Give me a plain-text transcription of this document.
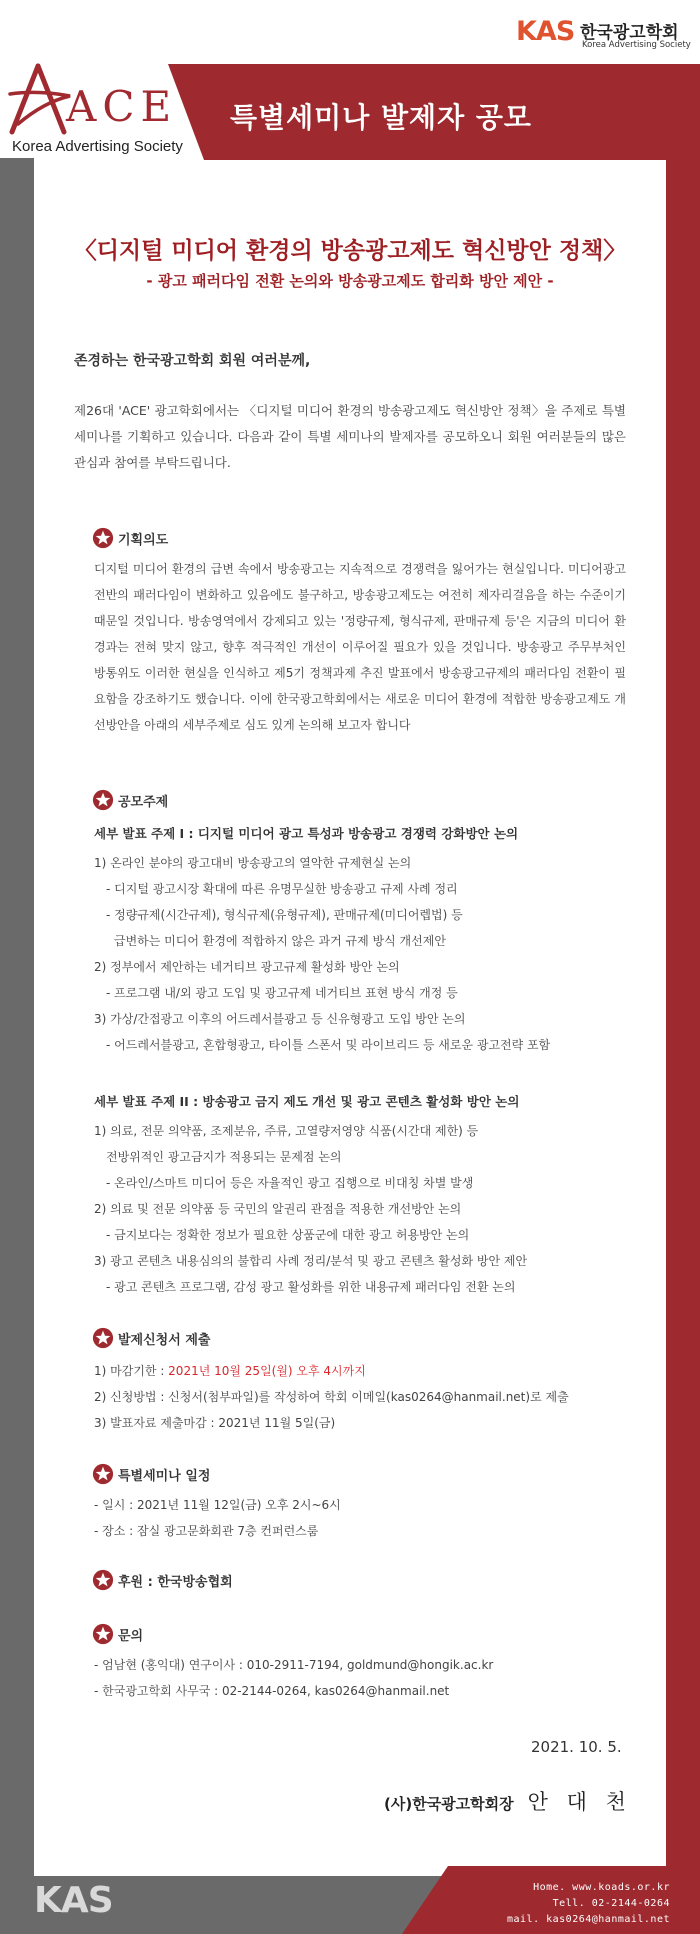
특별세미나 발제자 공모
KAS 한국광고학회
Korea Advertising Society
ACE
Korea Advertising Society
〈디지털 미디어 환경의 방송광고제도 혁신방안 정책〉
- 광고 패러다임 전환 논의와 방송광고제도 합리화 방안 제안 -
존경하는 한국광고학회 회원 여러분께,
제26대 'ACE' 광고학회에서는 〈디지털 미디어 환경의 방송광고제도 혁신방안 정책〉을 주제로 특별 세미나를 기획하고 있습니다. 다음과 같이 특별 세미나의 발제자를 공모하오니 회원 여러분들의 많은 관심과 참여를 부탁드립니다.
기획의도
디지털 미디어 환경의 급변 속에서 방송광고는 지속적으로 경쟁력을 잃어가는 현실입니다. 미디어광고 전반의 패러다임이 변화하고 있음에도 불구하고, 방송광고제도는 여전히 제자리걸음을 하는 수준이기 때문일 것입니다. 방송영역에서 강제되고 있는 '정량규제, 형식규제, 판매규제 등'은 지금의 미디어 환경과는 전혀 맞지 않고, 향후 적극적인 개선이 이루어질 필요가 있을 것입니다. 방송광고 주무부처인 방통위도 이러한 현실을 인식하고 제5기 정책과제 추진 발표에서 방송광고규제의 패러다임 전환이 필요함을 강조하기도 했습니다. 이에 한국광고학회에서는 새로운 미디어 환경에 적합한 방송광고제도 개선방안을 아래의 세부주제로 심도 있게 논의해 보고자 합니다
공모주제
세부 발표 주제 I : 디지털 미디어 광고 특성과 방송광고 경쟁력 강화방안 논의
1) 온라인 분야의 광고대비 방송광고의 열악한 규제현실 논의
- 디지털 광고시장 확대에 따른 유명무실한 방송광고 규제 사례 정리
- 정량규제(시간규제), 형식규제(유형규제), 판매규제(미디어렙법) 등
급변하는 미디어 환경에 적합하지 않은 과거 규제 방식 개선제안
2) 정부에서 제안하는 네거티브 광고규제 활성화 방안 논의
- 프로그램 내/외 광고 도입 및 광고규제 네거티브 표현 방식 개정 등
3) 가상/간접광고 이후의 어드레서블광고 등 신유형광고 도입 방안 논의
- 어드레서블광고, 혼합형광고, 타이틀 스폰서 및 라이브리드 등 새로운 광고전략 포함
세부 발표 주제 II : 방송광고 금지 제도 개선 및 광고 콘텐츠 활성화 방안 논의
1) 의료, 전문 의약품, 조제분유, 주류, 고열량저영양 식품(시간대 제한) 등
전방위적인 광고금지가 적용되는 문제점 논의
- 온라인/스마트 미디어 등은 자율적인 광고 집행으로 비대칭 차별 발생
2) 의료 및 전문 의약품 등 국민의 알권리 관점을 적용한 개선방안 논의
- 금지보다는 정확한 정보가 필요한 상품군에 대한 광고 허용방안 논의
3) 광고 콘텐츠 내용심의의 불합리 사례 정리/분석 및 광고 콘텐츠 활성화 방안 제안
- 광고 콘텐츠 프로그램, 감성 광고 활성화를 위한 내용규제 패러다임 전환 논의
발제신청서 제출
1) 마감기한 : 2021년 10월 25일(월) 오후 4시까지
2) 신청방법 : 신청서(첨부파일)를 작성하여 학회 이메일(kas0264@hanmail.net)로 제출
3) 발표자료 제출마감 : 2021년 11월 5일(금)
특별세미나 일정
- 일시 : 2021년 11월 12일(금) 오후 2시~6시
- 장소 : 잠실 광고문화회관 7층 컨퍼런스룸
후원 : 한국방송협회
문의
- 엄남현 (홍익대) 연구이사 : 010-2911-7194, goldmund@hongik.ac.kr
- 한국광고학회 사무국 : 02-2144-0264, kas0264@hanmail.net
2021. 10. 5.
(사)한국광고학회장 안 대 천
KAS	Home. www.koads.or.kr
Tell. 02-2144-0264
mail. kas0264@hanmail.net
